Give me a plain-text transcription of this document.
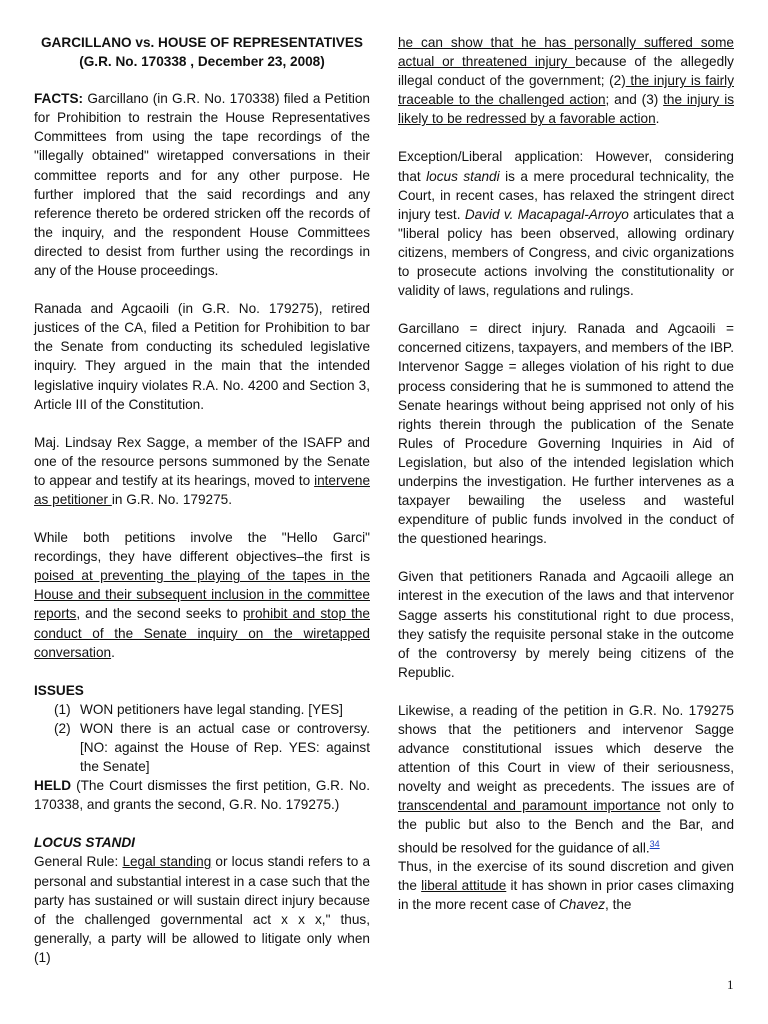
GARCILLANO vs. HOUSE OF REPRESENTATIVES
(G.R. No. 170338 , December 23, 2008)

FACTS: Garcillano (in G.R. No. 170338) filed a Petition for Prohibition to restrain the House Representatives Committees from using the tape recordings of the "illegally obtained" wiretapped conversations in their committee reports and for any other purpose. He further implored that the said recordings and any reference thereto be ordered stricken off the records of the inquiry, and the respondent House Committees directed to desist from further using the recordings in any of the House proceedings.

Ranada and Agcaoili (in G.R. No. 179275), retired justices of the CA, filed a Petition for Prohibition to bar the Senate from conducting its scheduled legislative inquiry. They argued in the main that the intended legislative inquiry violates R.A. No. 4200 and Section 3, Article III of the Constitution.

Maj. Lindsay Rex Sagge, a member of the ISAFP and one of the resource persons summoned by the Senate to appear and testify at its hearings, moved to intervene as petitioner in G.R. No. 179275.

While both petitions involve the "Hello Garci" recordings, they have different objectives–the first is poised at preventing the playing of the tapes in the House and their subsequent inclusion in the committee reports, and the second seeks to prohibit and stop the conduct of the Senate inquiry on the wiretapped conversation.

ISSUES
(1) WON petitioners have legal standing. [YES]
(2) WON there is an actual case or controversy. [NO: against the House of Rep. YES: against the Senate]
HELD (The Court dismisses the first petition, G.R. No. 170338, and grants the second, G.R. No. 179275.)
LOCUS STANDI

General Rule: Legal standing or locus standi refers to a personal and substantial interest in a case such that the party has sustained or will sustain direct injury because of the challenged governmental act x x x," thus, generally, a party will be allowed to litigate only when (1)

he can show that he has personally suffered some actual or threatened injury because of the allegedly illegal conduct of the government; (2) the injury is fairly traceable to the challenged action; and (3) the injury is likely to be redressed by a favorable action.

Exception/Liberal application: However, considering that locus standi is a mere procedural technicality, the Court, in recent cases, has relaxed the stringent direct injury test. David v. Macapagal-Arroyo articulates that a "liberal policy has been observed, allowing ordinary citizens, members of Congress, and civic organizations to prosecute actions involving the constitutionality or validity of laws, regulations and rulings.

Garcillano = direct injury. Ranada and Agcaoili = concerned citizens, taxpayers, and members of the IBP. Intervenor Sagge = alleges violation of his right to due process considering that he is summoned to attend the Senate hearings without being apprised not only of his rights therein through the publication of the Senate Rules of Procedure Governing Inquiries in Aid of Legislation, but also of the intended legislation which underpins the investigation. He further intervenes as a taxpayer bewailing the useless and wasteful expenditure of public funds involved in the conduct of the questioned hearings.

Given that petitioners Ranada and Agcaoili allege an interest in the execution of the laws and that intervenor Sagge asserts his constitutional right to due process, they satisfy the requisite personal stake in the outcome of the controversy by merely being citizens of the Republic.

Likewise, a reading of the petition in G.R. No. 179275 shows that the petitioners and intervenor Sagge advance constitutional issues which deserve the attention of this Court in view of their seriousness, novelty and weight as precedents. The issues are of transcendental and paramount importance not only to the public but also to the Bench and the Bar, and should be resolved for the guidance of all.$^{34}$

Thus, in the exercise of its sound discretion and given the liberal attitude it has shown in prior cases climaxing in the more recent case of Chavez, the

1
